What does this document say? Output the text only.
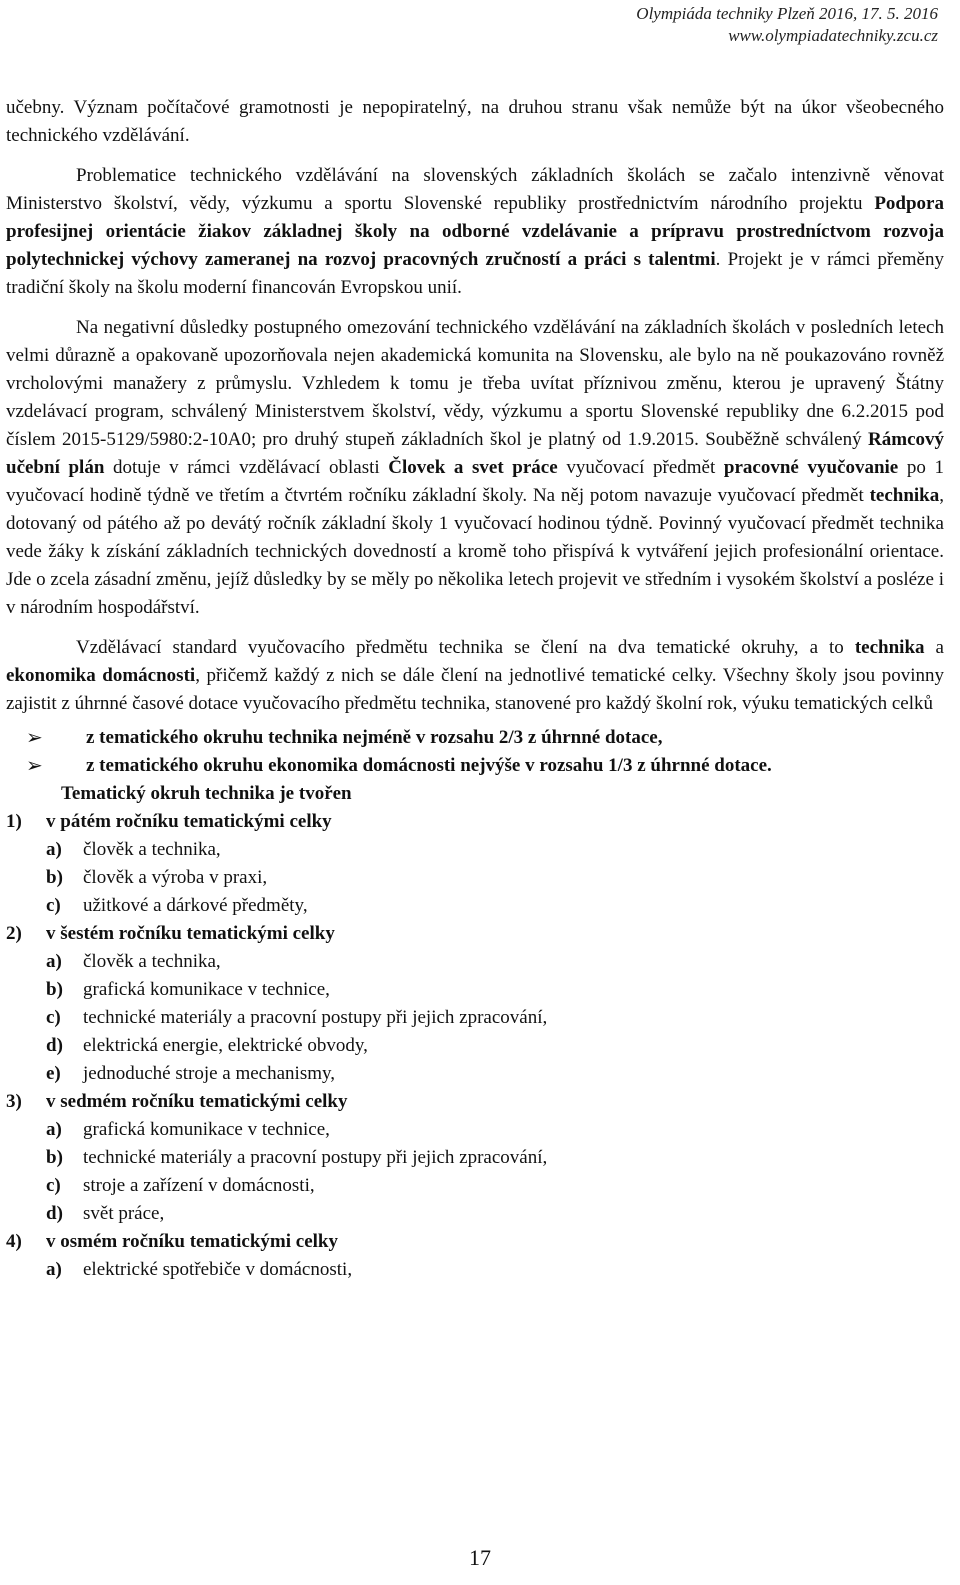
Olympiáda techniky Plzeň 2016, 17. 5. 2016
www.olympiadatechniky.zcu.cz

učebny. Význam počítačové gramotnosti je nepopiratelný, na druhou stranu však nemůže být na úkor všeobecného technického vzdělávání.

Problematice technického vzdělávání na slovenských základních školách se začalo intenzivně věnovat Ministerstvo školství, vědy, výzkumu a sportu Slovenské republiky prostřednictvím národního projektu Podpora profesijnej orientácie žiakov základnej školy na odborné vzdelávanie a prípravu prostredníctvom rozvoja polytechnickej výchovy zameranej na rozvoj pracovných zručností a práci s talentmi. Projekt je v rámci přeměny tradiční školy na školu moderní financován Evropskou unií.

Na negativní důsledky postupného omezování technického vzdělávání na základních školách v posledních letech velmi důrazně a opakovaně upozorňovala nejen akademická komunita na Slovensku, ale bylo na ně poukazováno rovněž vrcholovými manažery z průmyslu. Vzhledem k tomu je třeba uvítat příznivou změnu, kterou je upravený Štátny vzdelávací program, schválený Ministerstvem školství, vědy, výzkumu a sportu Slovenské republiky dne 6.2.2015 pod číslem 2015-5129/5980:2-10A0; pro druhý stupeň základních škol je platný od 1.9.2015. Souběžně schválený Rámcový učební plán dotuje v rámci vzdělávací oblasti Človek a svet práce vyučovací předmět pracovné vyučovanie po 1 vyučovací hodině týdně ve třetím a čtvrtém ročníku základní školy. Na něj potom navazuje vyučovací předmět technika, dotovaný od pátého až po devátý ročník základní školy 1 vyučovací hodinou týdně. Povinný vyučovací předmět technika vede žáky k získání základních technických dovedností a kromě toho přispívá k vytváření jejich profesionální orientace. Jde o zcela zásadní změnu, jejíž důsledky by se měly po několika letech projevit ve středním i vysokém školství a posléze i v národním hospodářství.

Vzdělávací standard vyučovacího předmětu technika se člení na dva tematické okruhy, a to technika a ekonomika domácnosti, přičemž každý z nich se dále člení na jednotlivé tematické celky. Všechny školy jsou povinny zajistit z úhrnné časové dotace vyučovacího předmětu technika, stanovené pro každý školní rok, výuku tematických celků

➢ z tematického okruhu technika nejméně v rozsahu 2/3 z úhrnné dotace,
➢ z tematického okruhu ekonomika domácnosti nejvýše v rozsahu 1/3 z úhrnné dotace.
Tematický okruh technika je tvořen
1) v pátém ročníku tematickými celky
a) člověk a technika,
b) člověk a výroba v praxi,
c) užitkové a dárkové předměty,
2) v šestém ročníku tematickými celky
a) člověk a technika,
b) grafická komunikace v technice,
c) technické materiály a pracovní postupy při jejich zpracování,
d) elektrická energie, elektrické obvody,
e) jednoduché stroje a mechanismy,
3) v sedmém ročníku tematickými celky
a) grafická komunikace v technice,
b) technické materiály a pracovní postupy při jejich zpracování,
c) stroje a zařízení v domácnosti,
d) svět práce,
4) v osmém ročníku tematickými celky
a) elektrické spotřebiče v domácnosti,
17
